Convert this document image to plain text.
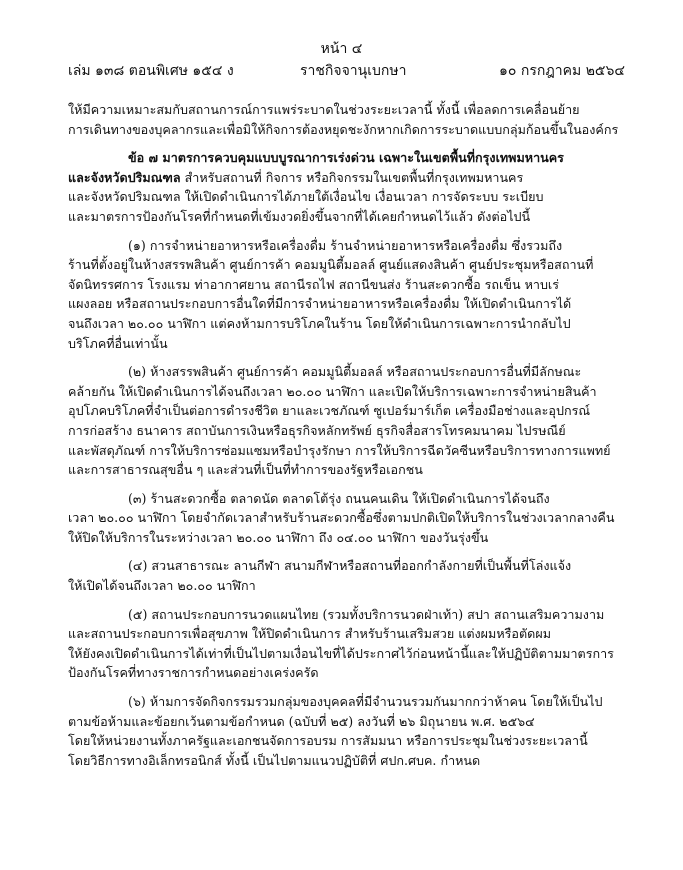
หน้า ๔
เล่ม ๑๓๘ ตอนพิเศษ ๑๕๔ ง	ราชกิจจานุเบกษา	๑๐ กรกฎาคม ๒๕๖๔
ให้มีความเหมาะสมกับสถานการณ์การแพร่ระบาดในช่วงระยะเวลานี้ ทั้งนี้ เพื่อลดการเคลื่อนย้าย
การเดินทางของบุคลากรและเพื่อมิให้กิจการต้องหยุดชะงักหากเกิดการระบาดแบบกลุ่มก้อนขึ้นในองค์กร
ข้อ ๗ มาตรการควบคุมแบบบูรณาการเร่งด่วน เฉพาะในเขตพื้นที่กรุงเทพมหานคร
และจังหวัดปริมณฑล สำหรับสถานที่ กิจการ หรือกิจกรรมในเขตพื้นที่กรุงเทพมหานคร
และจังหวัดปริมณฑล ให้เปิดดำเนินการได้ภายใต้เงื่อนไข เงื่อนเวลา การจัดระบบ ระเบียบ
และมาตรการป้องกันโรคที่กำหนดที่เข้มงวดยิ่งขึ้นจากที่ได้เคยกำหนดไว้แล้ว ดังต่อไปนี้
(๑) การจำหน่ายอาหารหรือเครื่องดื่ม ร้านจำหน่ายอาหารหรือเครื่องดื่ม ซึ่งรวมถึง
ร้านที่ตั้งอยู่ในห้างสรรพสินค้า ศูนย์การค้า คอมมูนิตี้มอลล์ ศูนย์แสดงสินค้า ศูนย์ประชุมหรือสถานที่
จัดนิทรรศการ โรงแรม ท่าอากาศยาน สถานีรถไฟ สถานีขนส่ง ร้านสะดวกซื้อ รถเข็น หาบเร่
แผงลอย หรือสถานประกอบการอื่นใดที่มีการจำหน่ายอาหารหรือเครื่องดื่ม ให้เปิดดำเนินการได้
จนถึงเวลา ๒๐.๐๐ นาฬิกา แต่คงห้ามการบริโภคในร้าน โดยให้ดำเนินการเฉพาะการนำกลับไป
บริโภคที่อื่นเท่านั้น
(๒) ห้างสรรพสินค้า ศูนย์การค้า คอมมูนิตี้มอลล์ หรือสถานประกอบการอื่นที่มีลักษณะ
คล้ายกัน ให้เปิดดำเนินการได้จนถึงเวลา ๒๐.๐๐ นาฬิกา และเปิดให้บริการเฉพาะการจำหน่ายสินค้า
อุปโภคบริโภคที่จำเป็นต่อการดำรงชีวิต ยาและเวชภัณฑ์ ซูเปอร์มาร์เก็ต เครื่องมือช่างและอุปกรณ์
การก่อสร้าง ธนาคาร สถาบันการเงินหรือธุรกิจหลักทรัพย์ ธุรกิจสื่อสารโทรคมนาคม ไปรษณีย์
และพัสดุภัณฑ์ การให้บริการซ่อมแซมหรือบำรุงรักษา การให้บริการฉีดวัคซีนหรือบริการทางการแพทย์
และการสาธารณสุขอื่น ๆ และส่วนที่เป็นที่ทำการของรัฐหรือเอกชน
(๓) ร้านสะดวกซื้อ ตลาดนัด ตลาดโต้รุ่ง ถนนคนเดิน ให้เปิดดำเนินการได้จนถึง
เวลา ๒๐.๐๐ นาฬิกา โดยจำกัดเวลาสำหรับร้านสะดวกซื้อซึ่งตามปกติเปิดให้บริการในช่วงเวลากลางคืน
ให้ปิดให้บริการในระหว่างเวลา ๒๐.๐๐ นาฬิกา ถึง ๐๔.๐๐ นาฬิกา ของวันรุ่งขึ้น
(๔) สวนสาธารณะ ลานกีฬา สนามกีฬาหรือสถานที่ออกกำลังกายที่เป็นพื้นที่โล่งแจ้ง
ให้เปิดได้จนถึงเวลา ๒๐.๐๐ นาฬิกา
(๕) สถานประกอบการนวดแผนไทย (รวมทั้งบริการนวดฝ่าเท้า) สปา สถานเสริมความงาม
และสถานประกอบการเพื่อสุขภาพ ให้ปิดดำเนินการ สำหรับร้านเสริมสวย แต่งผมหรือตัดผม
ให้ยังคงเปิดดำเนินการได้เท่าที่เป็นไปตามเงื่อนไขที่ได้ประกาศไว้ก่อนหน้านี้และให้ปฏิบัติตามมาตรการ
ป้องกันโรคที่ทางราชการกำหนดอย่างเคร่งครัด
(๖) ห้ามการจัดกิจกรรมรวมกลุ่มของบุคคลที่มีจำนวนรวมกันมากกว่าห้าคน โดยให้เป็นไป
ตามข้อห้ามและข้อยกเว้นตามข้อกำหนด (ฉบับที่ ๒๕) ลงวันที่ ๒๖ มิถุนายน พ.ศ. ๒๕๖๔
โดยให้หน่วยงานทั้งภาครัฐและเอกชนจัดการอบรม การสัมมนา หรือการประชุมในช่วงระยะเวลานี้
โดยวิธีการทางอิเล็กทรอนิกส์ ทั้งนี้ เป็นไปตามแนวปฏิบัติที่ ศปก.ศบค. กำหนด
